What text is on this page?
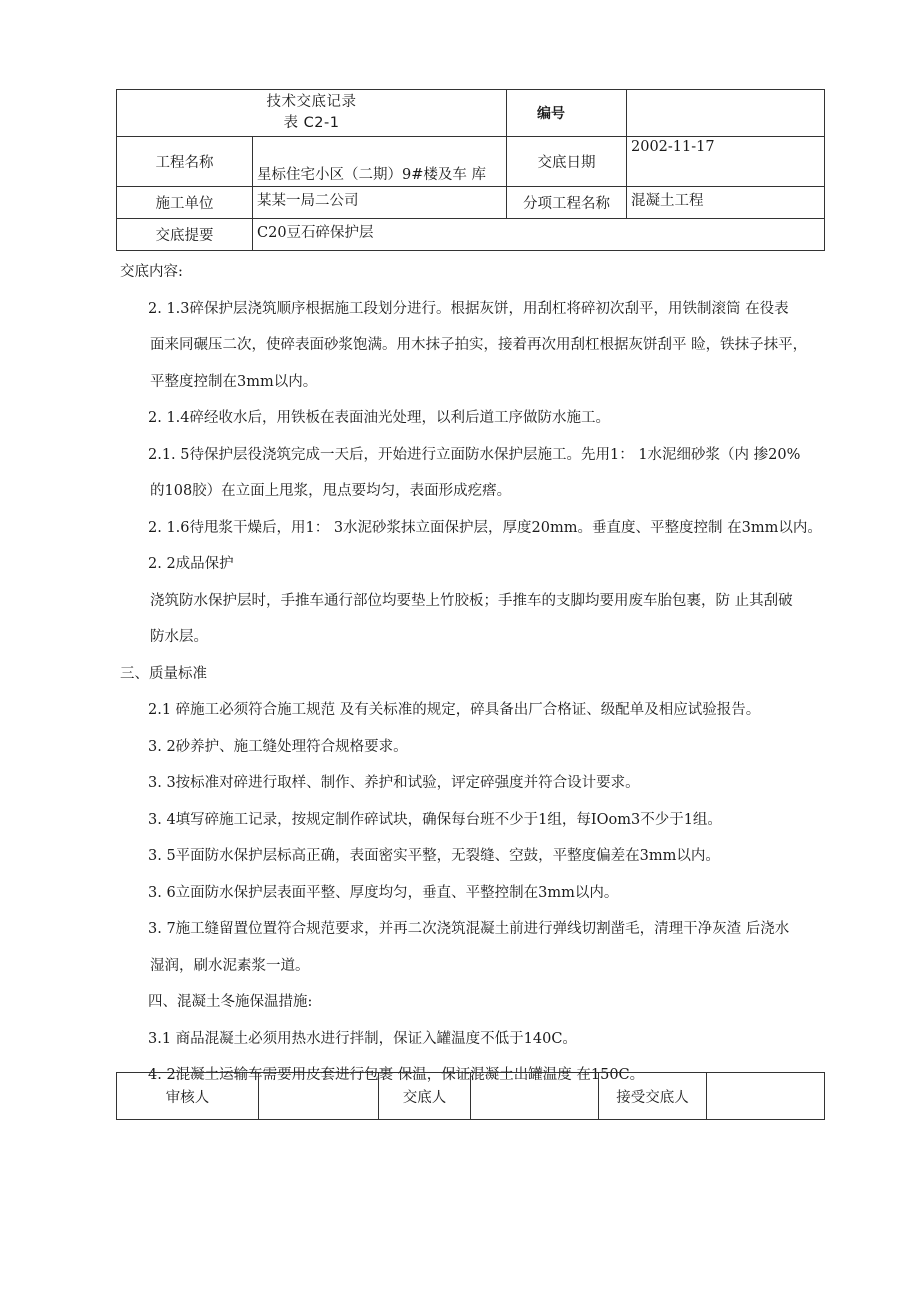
技术交底记录
表 C2-1		编号	
工程名称	星标住宅小区（二期）9#楼及车 库	交底日期	2002-11-17
施工单位	某某一局二公司	分项工程名称	混凝土工程
交底提要	C20豆石碎保护层		

交底内容:

2. 1.3碎保护层浇筑顺序根据施工段划分进行。根据灰饼，用刮杠将碎初次刮平，用铁制滚筒 在役表

面来同碾压二次，使碎表面砂浆饱满。用木抹子拍实，接着再次用刮杠根据灰饼刮平 睑，铁抹子抹平，

平整度控制在3mm以内。

2. 1.4碎经收水后，用铁板在表面油光处理，以利后道工序做防水施工。

2.1. 5待保护层役浇筑完成一天后，开始进行立面防水保护层施工。先用1： 1水泥细砂浆（内 掺20%

的108胶）在立面上甩浆，甩点要均匀，表面形成疙瘩。

2. 1.6待甩浆干燥后，用1： 3水泥砂浆抹立面保护层，厚度20mm。垂直度、平整度控制 在3mm以内。

2. 2成品保护

浇筑防水保护层时，手推车通行部位均要垫上竹胶板；手推车的支脚均要用废车胎包裹，防 止其刮破

防水层。

三、质量标准

2.1 碎施工必须符合施工规范 及有关标准的规定，碎具备出厂合格证、级配单及相应试验报告。

3. 2砂养护、施工缝处理符合规格要求。

3. 3按标准对碎进行取样、制作、养护和试验，评定碎强度并符合设计要求。

3. 4填写碎施工记录，按规定制作碎试块，确保每台班不少于1组，每IOom3不少于1组。

3. 5平面防水保护层标高正确，表面密实平整，无裂缝、空鼓，平整度偏差在3mm以内。

3. 6立面防水保护层表面平整、厚度均匀，垂直、平整控制在3mm以内。

3. 7施工缝留置位置符合规范要求，并再二次浇筑混凝土前进行弹线切割凿毛，清理干净灰渣 后浇水

湿润，刷水泥素浆一道。

四、混凝土冬施保温措施:

3.1 商品混凝土必须用热水进行拌制，保证入罐温度不低于140C。

4. 2混凝土运输车需要用皮套进行包裹 保温，保证混凝土出罐温度 在150C。

审核人		交底人		接受交底人	
